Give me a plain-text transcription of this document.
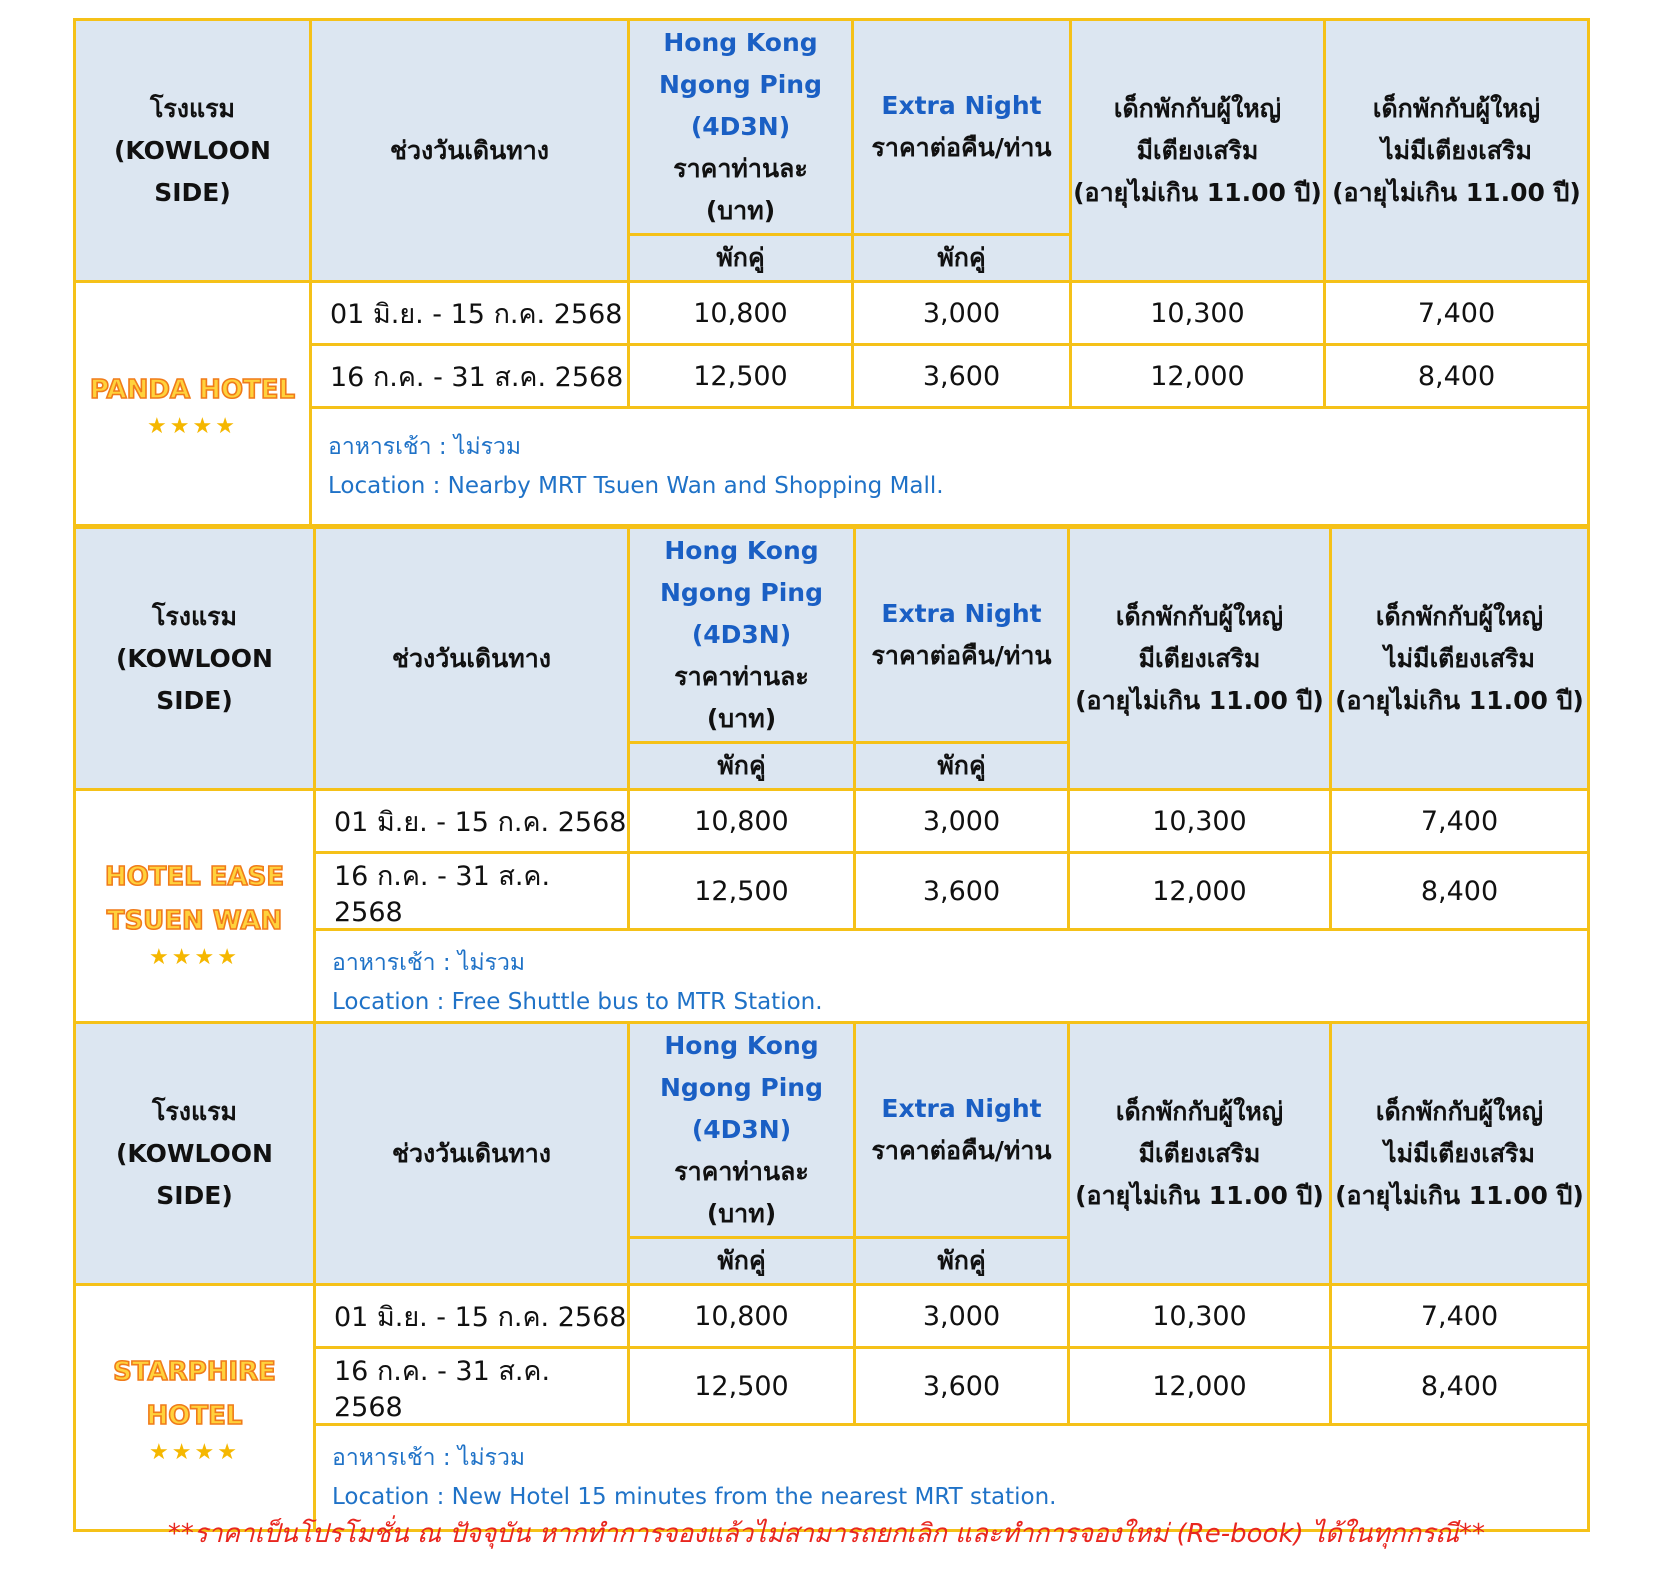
โรงแรม
(KOWLOON SIDE)	ช่วงวันเดินทาง	Hong Kong
Ngong Ping
(4D3N)
ราคาท่านละ
(บาท)	Extra Night
ราคาต่อคืน/ท่าน	เด็กพักกับผู้ใหญ่
มีเตียงเสริม
(อายุไม่เกิน 11.00 ปี)	เด็กพักกับผู้ใหญ่
ไม่มีเตียงเสริม
(อายุไม่เกิน 11.00 ปี)

		พักคู่	พักคู่		

PANDA HOTEL
★★★★	01 มิ.ย. - 15 ก.ค. 2568	10,800	3,000	10,300	7,400
	16 ก.ค. - 31 ส.ค. 2568	12,500	3,600	12,000	8,400
	อาหารเช้า : ไม่รวม
Location : Nearby MRT Tsuen Wan and Shopping Mall.				
โรงแรม
(KOWLOON SIDE)	ช่วงวันเดินทาง	Hong Kong
Ngong Ping
(4D3N)
ราคาท่านละ
(บาท)	Extra Night
ราคาต่อคืน/ท่าน	เด็กพักกับผู้ใหญ่
มีเตียงเสริม
(อายุไม่เกิน 11.00 ปี)	เด็กพักกับผู้ใหญ่
ไม่มีเตียงเสริม
(อายุไม่เกิน 11.00 ปี)

		พักคู่	พักคู่		

HOTEL EASE
TSUEN WAN
★★★★	01 มิ.ย. - 15 ก.ค. 2568	10,800	3,000	10,300	7,400
	16 ก.ค. - 31 ส.ค. 2568	12,500	3,600	12,000	8,400
	อาหารเช้า : ไม่รวม
Location : Free Shuttle bus to MTR Station.				
โรงแรม
(KOWLOON SIDE)	ช่วงวันเดินทาง	Hong Kong
Ngong Ping
(4D3N)
ราคาท่านละ
(บาท)	Extra Night
ราคาต่อคืน/ท่าน	เด็กพักกับผู้ใหญ่
มีเตียงเสริม
(อายุไม่เกิน 11.00 ปี)	เด็กพักกับผู้ใหญ่
ไม่มีเตียงเสริม
(อายุไม่เกิน 11.00 ปี)

		พักคู่	พักคู่		

STARPHIRE
HOTEL
★★★★	01 มิ.ย. - 15 ก.ค. 2568	10,800	3,000	10,300	7,400
	16 ก.ค. - 31 ส.ค. 2568	12,500	3,600	12,000	8,400
	อาหารเช้า : ไม่รวม
Location : New Hotel 15 minutes from the nearest MRT station.				
**ราคาเป็นโปรโมชั่น ณ ปัจจุบัน หากทำการจองแล้วไม่สามารถยกเลิก และทำการจองใหม่ (Re-book) ได้ในทุกกรณี**
